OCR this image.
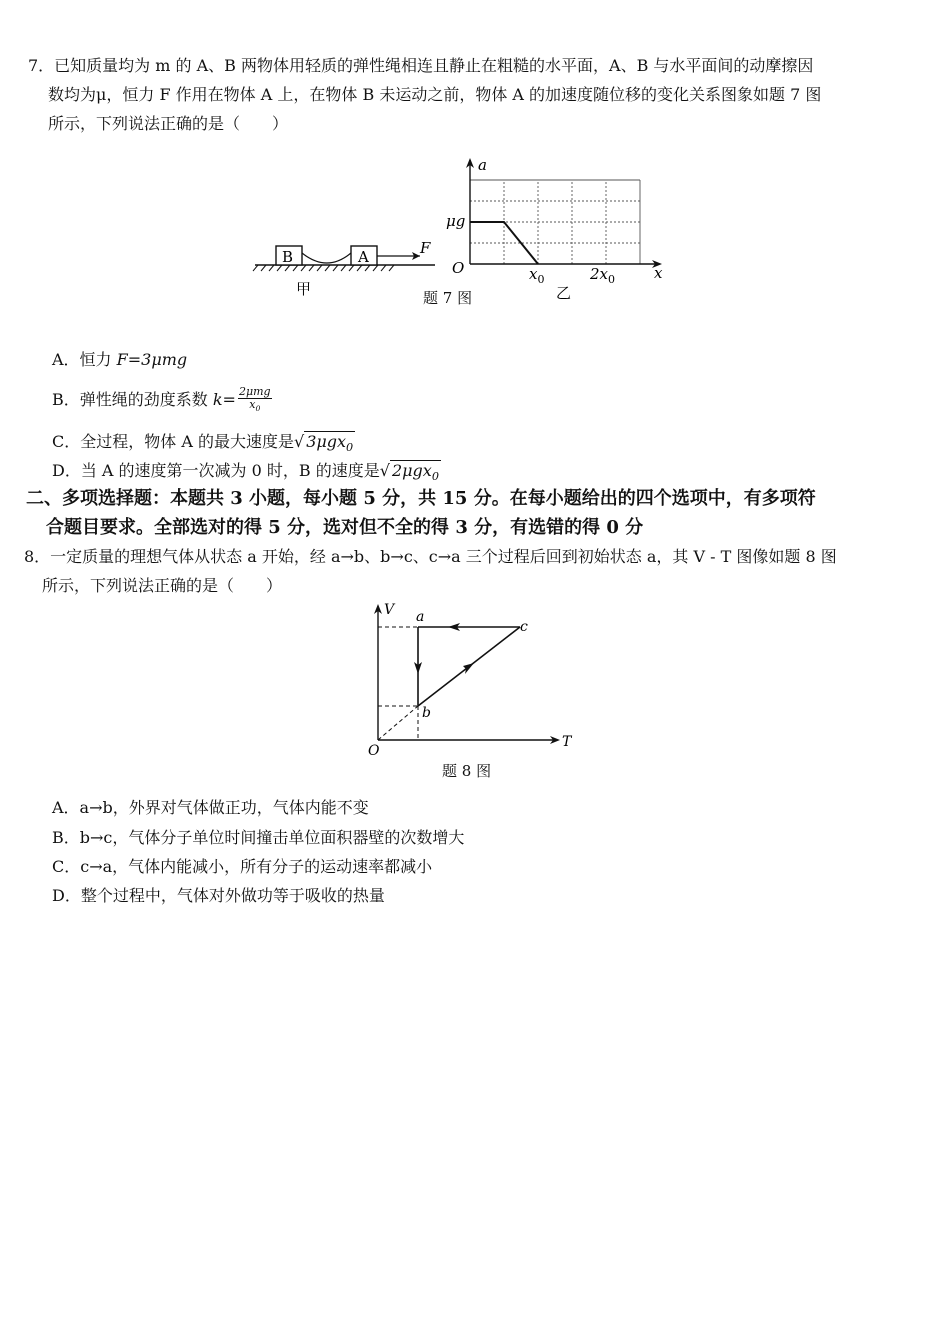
7．已知质量均为 m 的 A、B 两物体用轻质的弹性绳相连且静止在粗糙的水平面，A、B 与水平面间的动摩擦因
数均为μ，恒力 F 作用在物体 A 上，在物体 B 未运动之前，物体 A 的加速度随位移的变化关系图象如题 7 图
所示，下列说法正确的是（　　）
B	A	F
甲
a
x
O
μg
$x_0$	$2x_0$
乙
题 7 图
A．恒力 F=3μmg
B．弹性绳的劲度系数 $k= \frac{\text{2μmg}}{x_0}$
C．全过程，物体 A 的最大速度是√ 3μgx$_0$
D．当 A 的速度第一次减为 0 时，B 的速度是√ 2μgx$_0$
二、多项选择题：本题共 3 小题，每小题 5 分，共 15 分。在每小题给出的四个选项中，有多项符
合题目要求。全部选对的得 5 分，选对但不全的得 3 分，有选错的得 0 分
8．一定质量的理想气体从状态 a 开始，经 a→b、b→c、c→a 三个过程后回到初始状态 a，其 V - T 图像如题 8 图
所示，下列说法正确的是（　　）
V
T
O
a
b
c
题 8 图
A．a→b，外界对气体做正功，气体内能不变
B．b→c，气体分子单位时间撞击单位面积器壁的次数增大
C．c→a，气体内能减小，所有分子的运动速率都减小
D．整个过程中，气体对外做功等于吸收的热量
